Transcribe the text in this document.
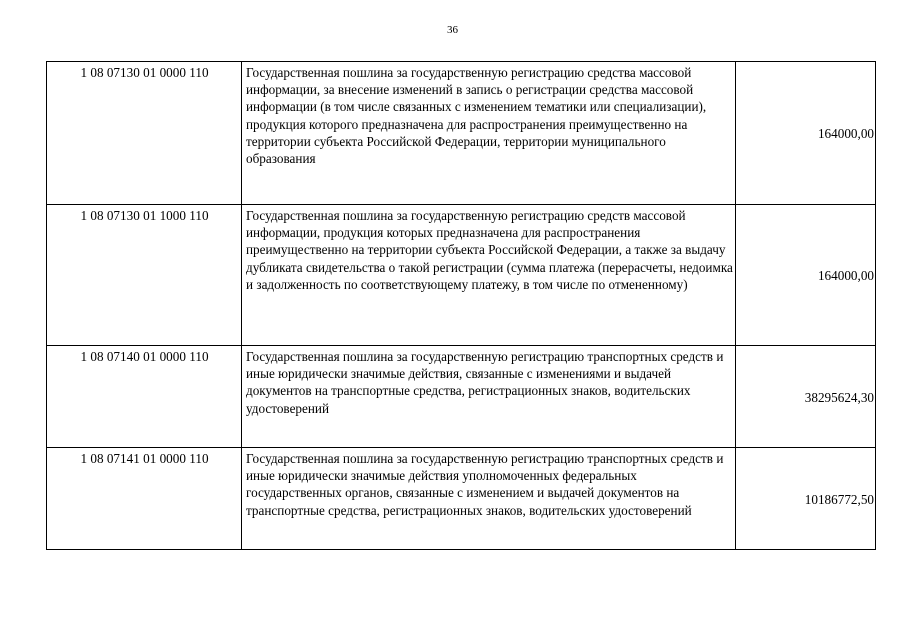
36
1 08 07130 01 0000 110	Государственная пошлина за государственную регистрацию средства массовой информации, за внесение изменений в запись о регистрации средства массовой информации (в том числе связанных с изменением тематики или специализации), продукция которого предназначена для распространения преимущественно на территории субъекта Российской Федерации, территории муниципального образования	164000,00
1 08 07130 01 1000 110	Государственная пошлина за государственную регистрацию средств массовой информации, продукция которых предназначена для распространения преимущественно на территории субъекта Российской Федерации, а также за выдачу дубликата свидетельства о такой регистрации (сумма платежа (перерасчеты, недоимка и задолженность по соответствующему платежу, в том числе по отмененному)	164000,00
1 08 07140 01 0000 110	Государственная пошлина за государственную регистрацию транспортных средств и иные юридически значимые действия, связанные с изменениями и выдачей документов на транспортные средства, регистрационных знаков, водительских удостоверений	38295624,30
1 08 07141 01 0000 110	Государственная пошлина за государственную регистрацию транспортных средств и иные юридически значимые действия уполномоченных федеральных государственных органов, связанные с изменением и выдачей документов на транспортные средства, регистрационных знаков, водительских удостоверений	10186772,50
